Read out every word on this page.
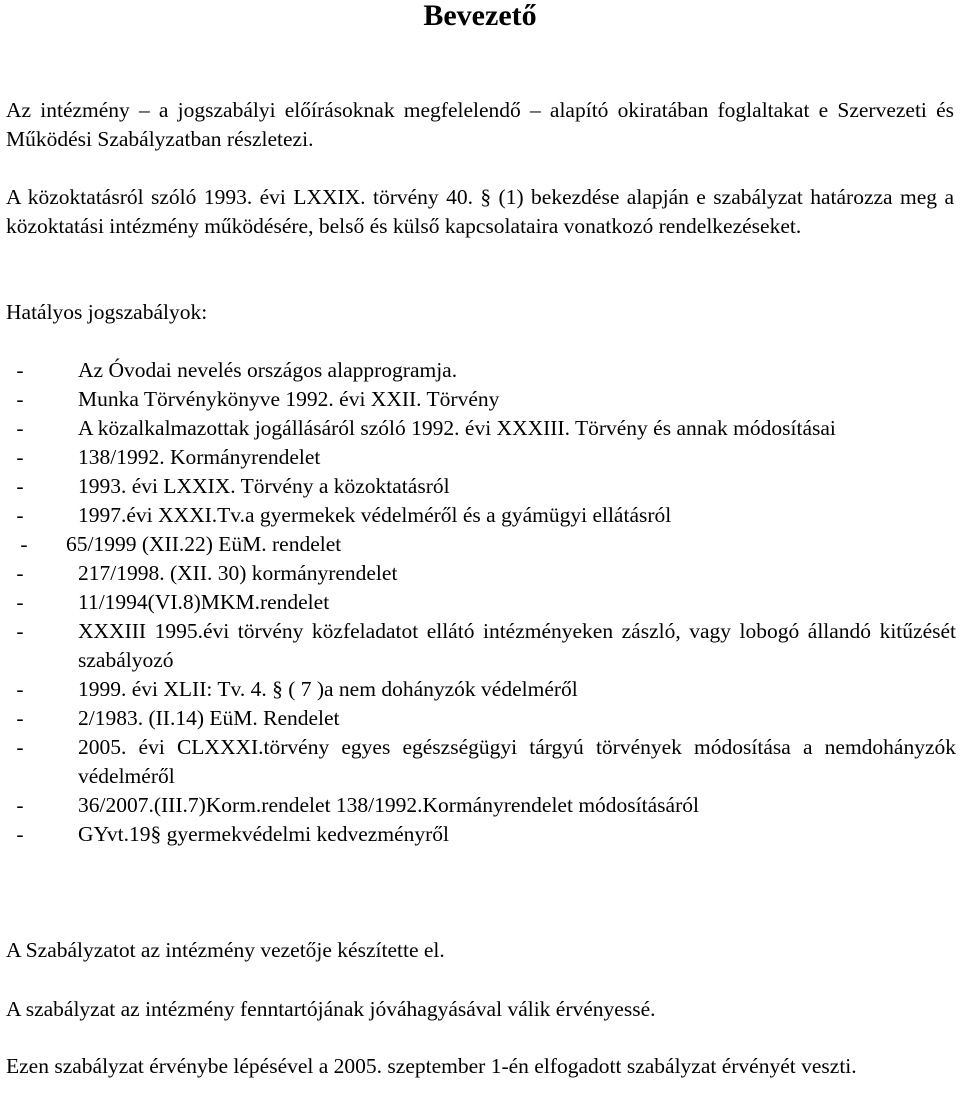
Bevezető

Az intézmény – a jogszabályi előírásoknak megfelelendő – alapító okiratában foglaltakat e Szervezeti és Működési Szabályzatban részletezi.

A közoktatásról szóló 1993. évi LXXIX. törvény 40. § (1) bekezdése alapján e szabályzat határozza meg a közoktatási intézmény működésére, belső és külső kapcsolataira vonatkozó rendelkezéseket.

Hatályos jogszabályok:

-	Az Óvodai nevelés országos alapprogramja.
-	Munka Törvénykönyve 1992. évi XXII. Törvény
-	A közalkalmazottak jogállásáról szóló 1992. évi XXXIII. Törvény és annak módosításai
-	138/1992. Kormányrendelet
-	1993. évi LXXIX. Törvény a közoktatásról
-	1997.évi XXXI.Tv.a gyermekek védelméről és a gyámügyi ellátásról
- 65/1999 (XII.22) EüM. rendelet
-	217/1998. (XII. 30) kormányrendelet
-	11/1994(VI.8)MKM.rendelet
-	XXXIII 1995.évi törvény közfeladatot ellátó intézményeken zászló, vagy lobogó állandó kitűzését szabályozó
-	1999. évi XLII: Tv. 4. § ( 7 )a nem dohányzók védelméről
-	2/1983. (II.14) EüM. Rendelet
-	2005. évi CLXXXI.törvény egyes egészségügyi tárgyú törvények módosítása a nemdohányzók védelméről
-	36/2007.(III.7)Korm.rendelet 138/1992.Kormányrendelet módosításáról
-	GYvt.19§ gyermekvédelmi kedvezményről

A Szabályzatot az intézmény vezetője készítette el.

A szabályzat az intézmény fenntartójának jóváhagyásával válik érvényessé.

Ezen szabályzat érvénybe lépésével a 2005. szeptember 1-én elfogadott szabályzat érvényét veszti.
